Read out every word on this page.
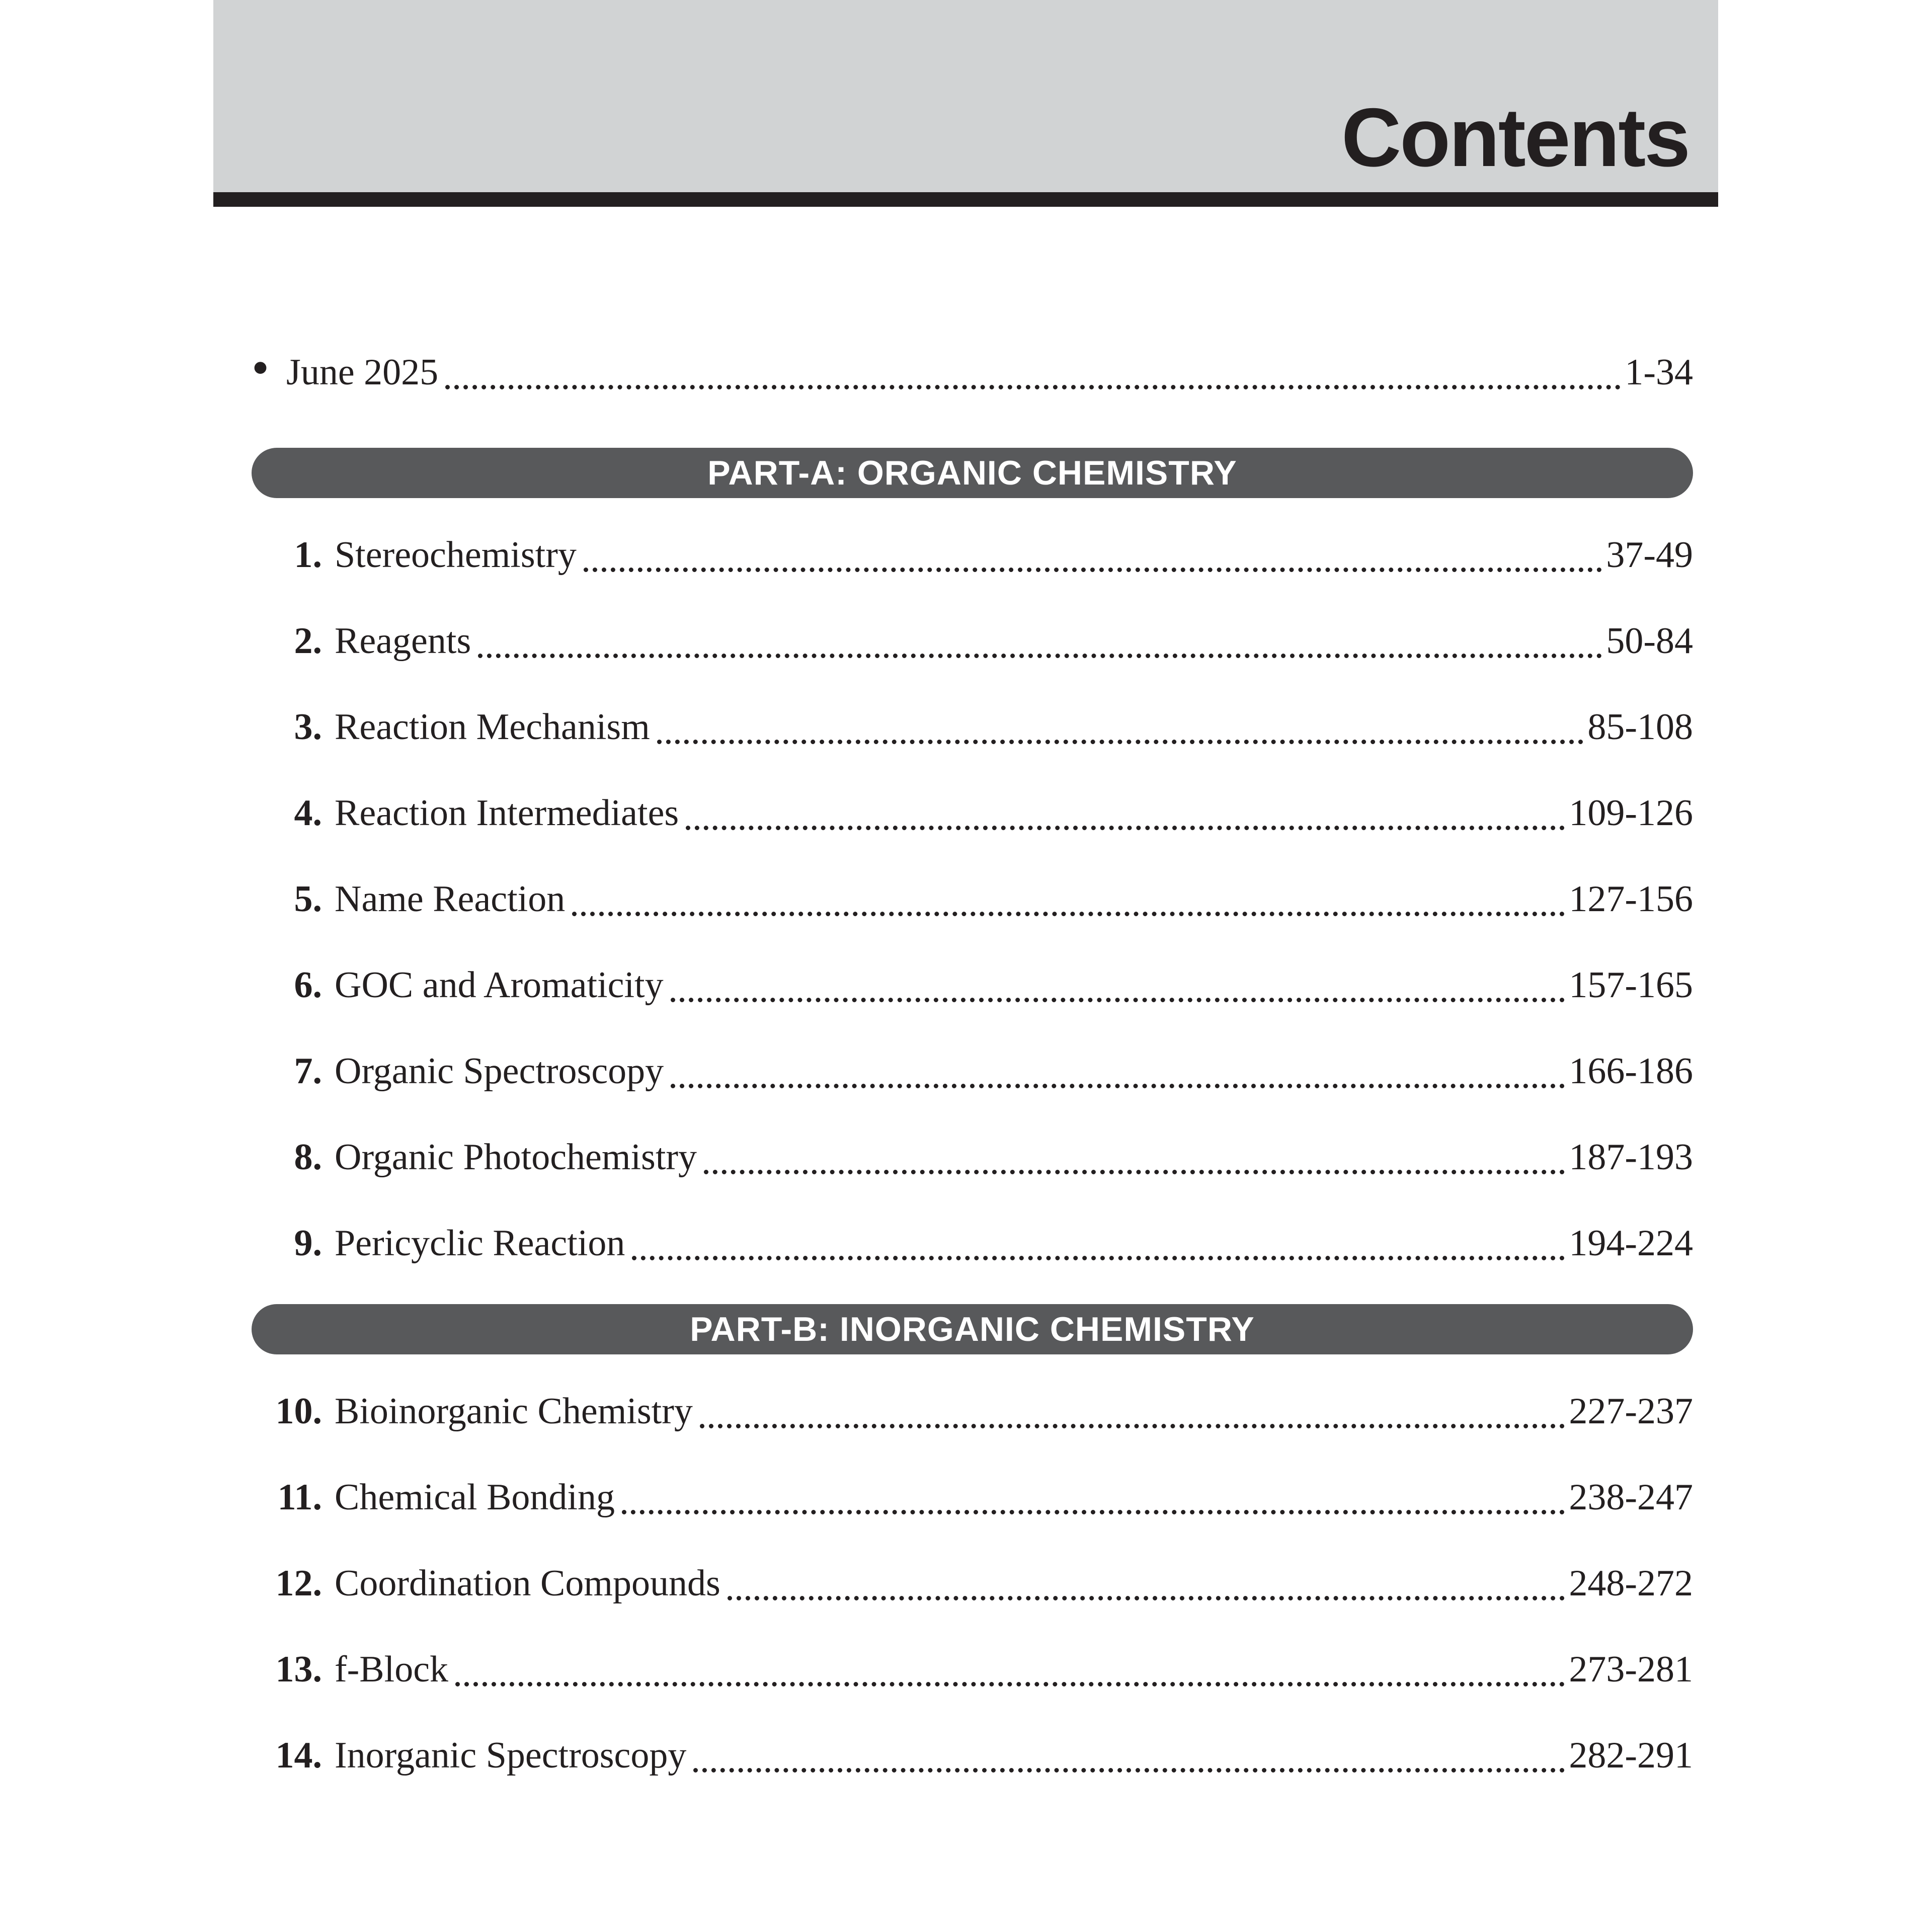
Contents
• June 2025	1-34
PART-A: ORGANIC CHEMISTRY
1. Stereochemistry	37-49
2. Reagents	50-84
3. Reaction Mechanism	85-108
4. Reaction Intermediates	109-126
5. Name Reaction	127-156
6. GOC and Aromaticity	157-165
7. Organic Spectroscopy	166-186
8. Organic Photochemistry	187-193
9. Pericyclic Reaction	194-224
PART-B: INORGANIC CHEMISTRY
10. Bioinorganic Chemistry	227-237
11. Chemical Bonding	238-247
12. Coordination Compounds	248-272
13. f-Block	273-281
14. Inorganic Spectroscopy	282-291
